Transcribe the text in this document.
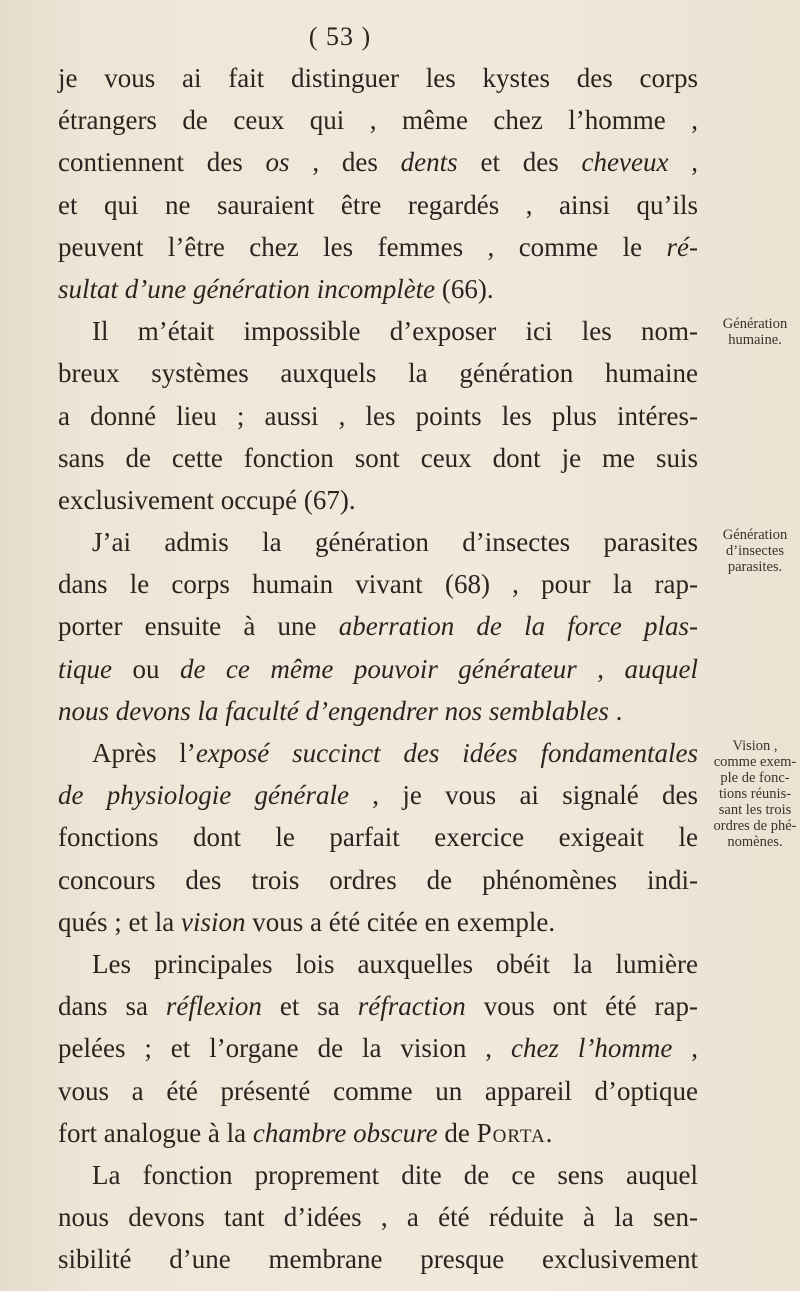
( 53 )
je vous ai fait distinguer les kystes des corps
étrangers de ceux qui , même chez l’homme ,
contiennent des os , des dents et des cheveux ,
et qui ne sauraient être regardés , ainsi qu’ils
peuvent l’être chez les femmes , comme le ré-
sultat d’une génération incomplète (66).
Il m’était impossible d’exposer ici les nom-
breux systèmes auxquels la génération humaine
a donné lieu ; aussi , les points les plus intéres-
sans de cette fonction sont ceux dont je me suis
exclusivement occupé (67).
J’ai admis la génération d’insectes parasites
dans le corps humain vivant (68) , pour la rap-
porter ensuite à une aberration de la force plas-
tique ou de ce même pouvoir générateur , auquel
nous devons la faculté d’engendrer nos semblables .
Après l’exposé succinct des idées fondamentales
de physiologie générale , je vous ai signalé des
fonctions dont le parfait exercice exigeait le
concours des trois ordres de phénomènes indi-
qués ; et la vision vous a été citée en exemple.
Les principales lois auxquelles obéit la lumière
dans sa réflexion et sa réfraction vous ont été rap-
pelées ; et l’organe de la vision , chez l’homme ,
vous a été présenté comme un appareil d’optique
fort analogue à la chambre obscure de Porta.
La fonction proprement dite de ce sens auquel
nous devons tant d’idées , a été réduite à la sen-
sibilité d’une membrane presque exclusivement
Génération
humaine.
Génération
d’insectes
parasites.
Vision ,
comme exem-
ple de fonc-
tions réunis-
sant les trois
ordres de phé-
nomènes.
